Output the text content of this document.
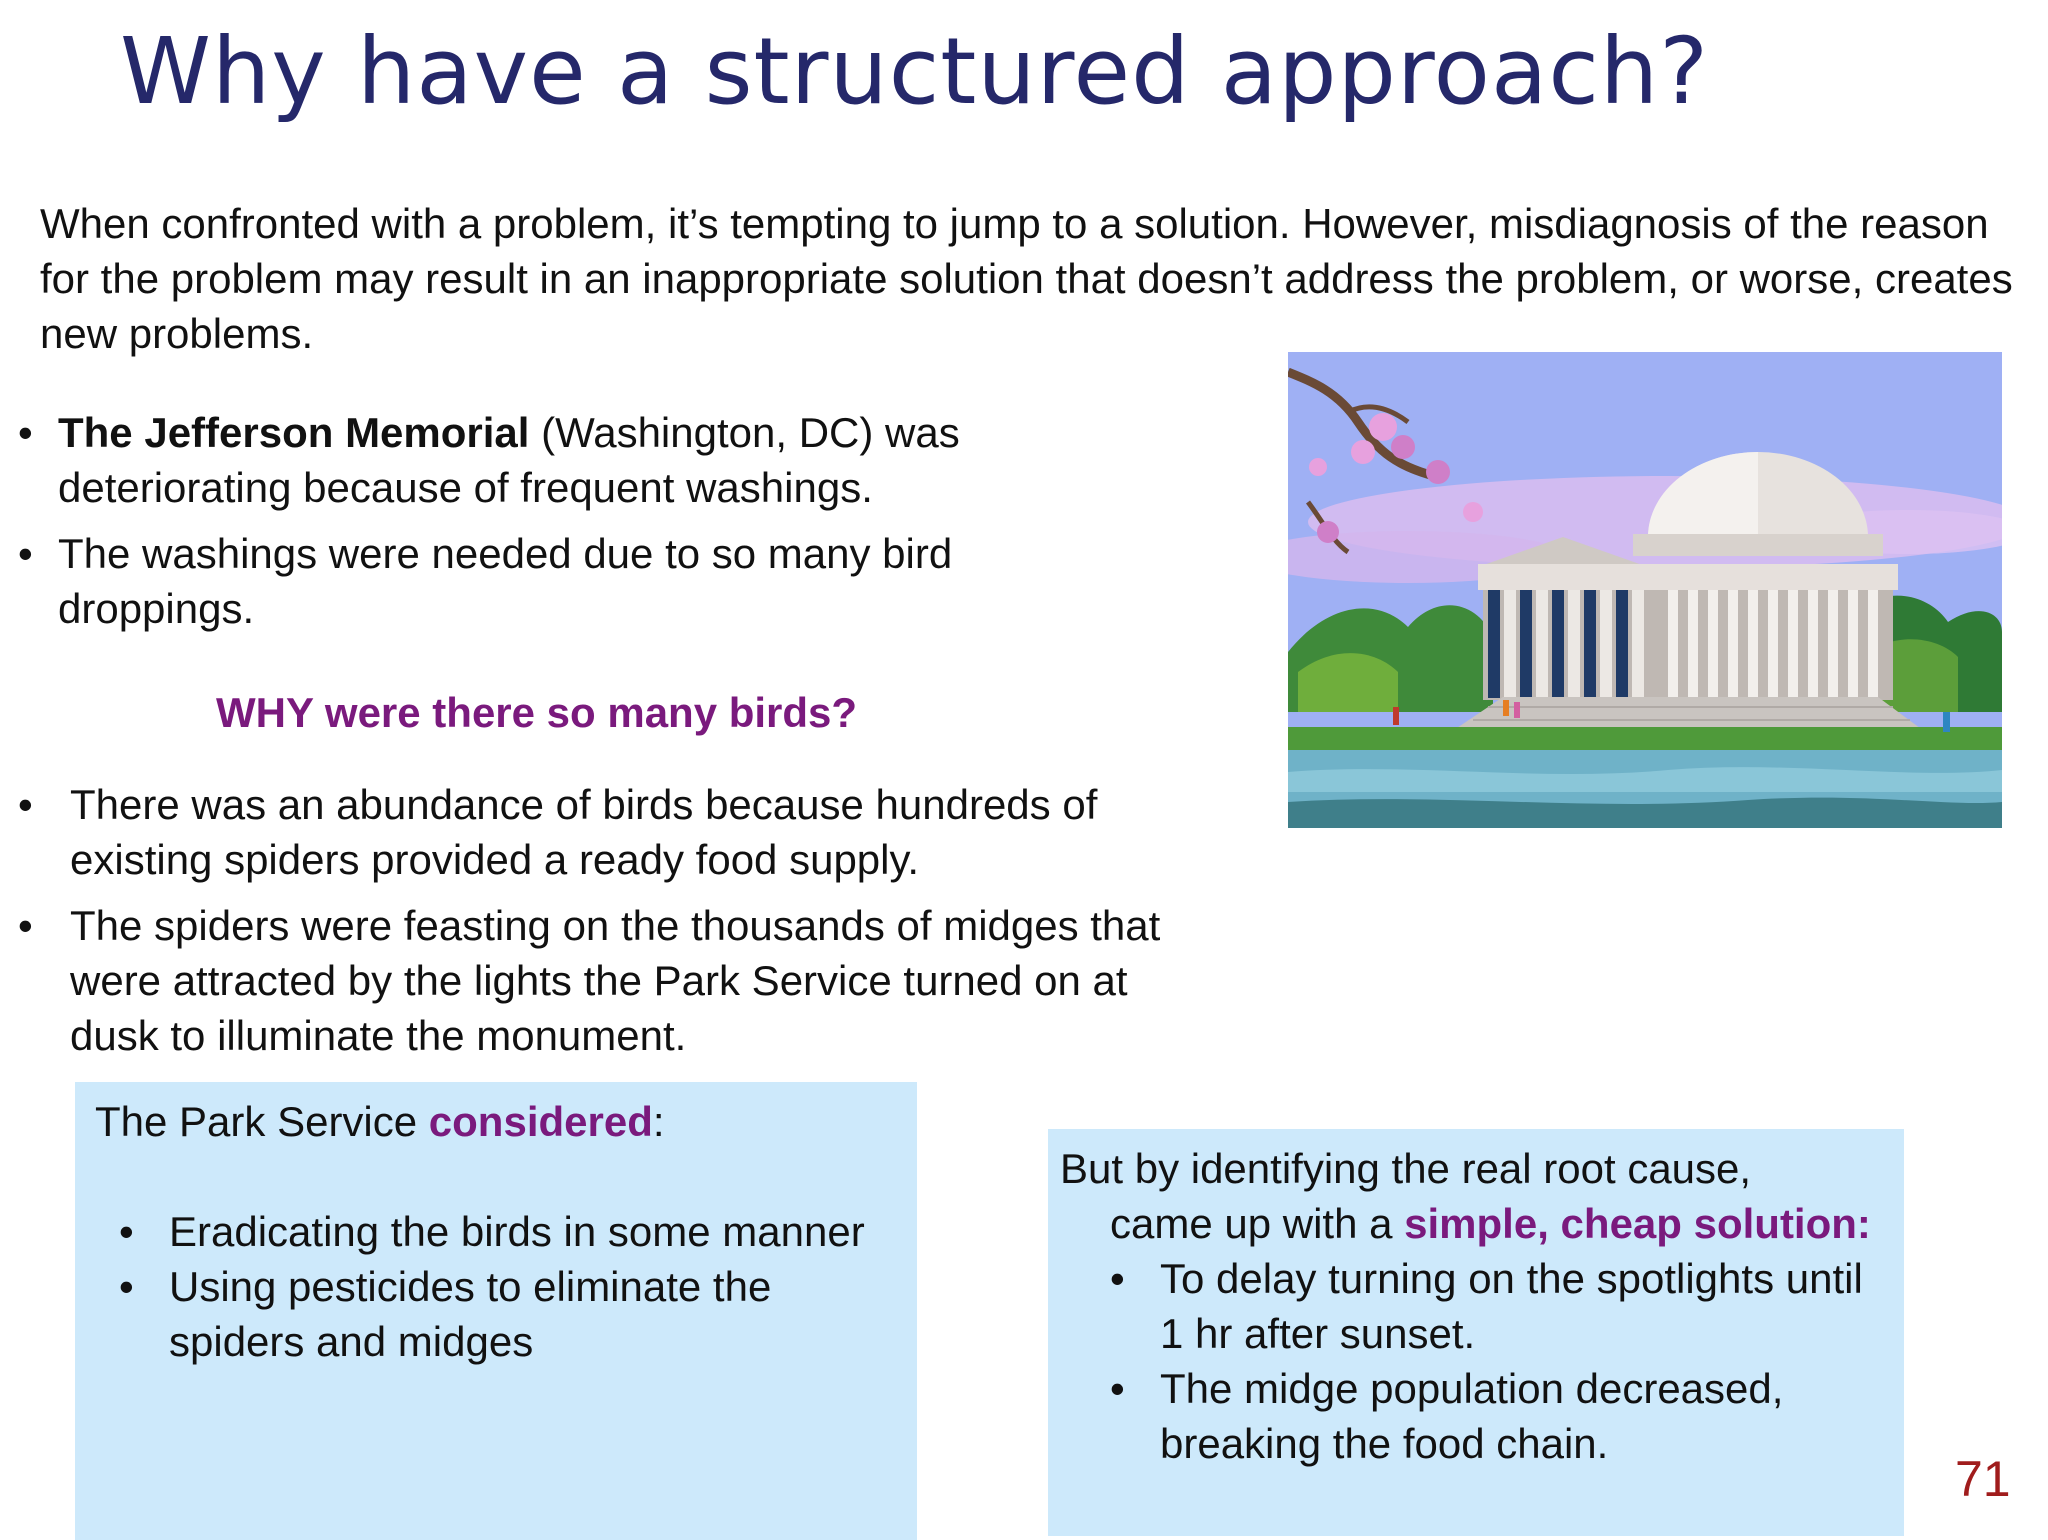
Why have a structured approach?
When confronted with a problem, it’s tempting to jump to a solution. However, misdiagnosis of the reason for the problem may result in an inappropriate solution that doesn’t address the problem, or worse, creates new problems.
• The Jefferson Memorial (Washington, DC) was deteriorating because of frequent washings.
• The washings were needed due to so many bird droppings.
WHY were there so many birds?
• There was an abundance of birds because hundreds of existing spiders provided a ready food supply.
• The spiders were feasting on the thousands of midges that were attracted by the lights the Park Service turned on at dusk to illuminate the monument.

The Park Service considered:

• Eradicating the birds in some manner
• Using pesticides to eliminate the spiders and midges
But by identifying the real root cause,
came up with a simple, cheap solution:
• To delay turning on the spotlights until 1 hr after sunset.
• The midge population decreased, breaking the food chain.
71
